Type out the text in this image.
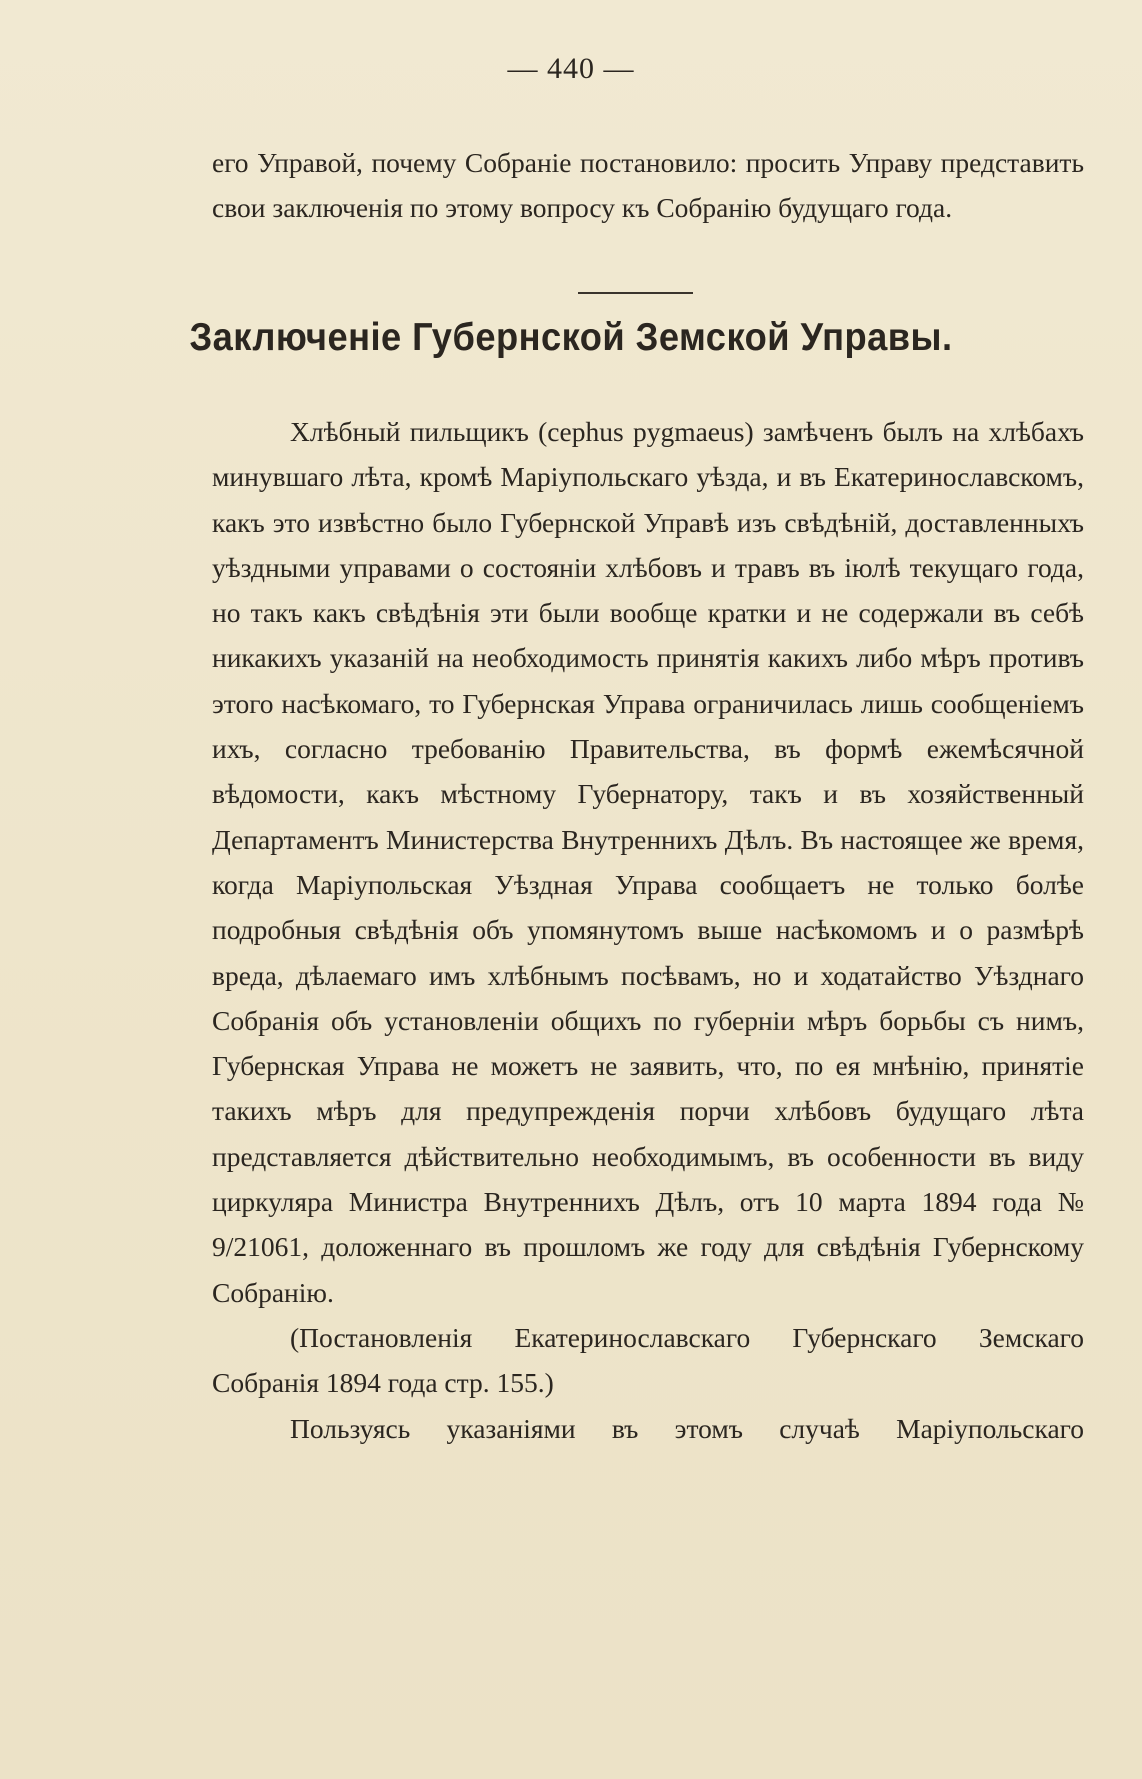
— 440 —

его Управой, почему Собраніе постановило: просить Управу представить свои заключенія по этому вопросу къ Собранію будущаго года.

Заключеніе Губернской Земской Управы.

Хлѣбный пильщикъ (cephus pygmaeus) замѣченъ былъ на хлѣбахъ минувшаго лѣта, кромѣ Маріупольскаго уѣзда, и въ Екатеринославскомъ, какъ это извѣстно было Губернской Управѣ изъ свѣдѣній, доставленныхъ уѣздными управами о состояніи хлѣбовъ и травъ въ іюлѣ текущаго года, но такъ какъ свѣдѣнія эти были вообще кратки и не содержали въ себѣ никакихъ указаній на необходимость принятія какихъ либо мѣръ противъ этого насѣкомаго, то Губернская Управа ограничилась лишь сообщеніемъ ихъ, согласно требованію Правительства, въ формѣ ежемѣсячной вѣдомости, какъ мѣстному Губернатору, такъ и въ хозяйственный Департаментъ Министерства Внутреннихъ Дѣлъ. Въ настоящее же время, когда Маріупольская Уѣздная Управа сообщаетъ не только болѣе подробныя свѣдѣнія объ упомянутомъ выше насѣкомомъ и о размѣрѣ вреда, дѣлаемаго имъ хлѣбнымъ посѣвамъ, но и ходатайство Уѣзднаго Собранія объ установленіи общихъ по губерніи мѣръ борьбы съ нимъ, Губернская Управа не можетъ не заявить, что, по ея мнѣнію, принятіе такихъ мѣръ для предупрежденія порчи хлѣбовъ будущаго лѣта представляется дѣйствительно необходимымъ, въ особенности въ виду циркуляра Министра Внутреннихъ Дѣлъ, отъ 10 марта 1894 года № 9/21061, доложеннаго въ прошломъ же году для свѣдѣнія Губернскому Собранію.

(Постановленія Екатеринославскаго Губернскаго Земскаго Собранія 1894 года стр. 155.)

Пользуясь указаніями въ этомъ случаѣ Маріупольскаго
